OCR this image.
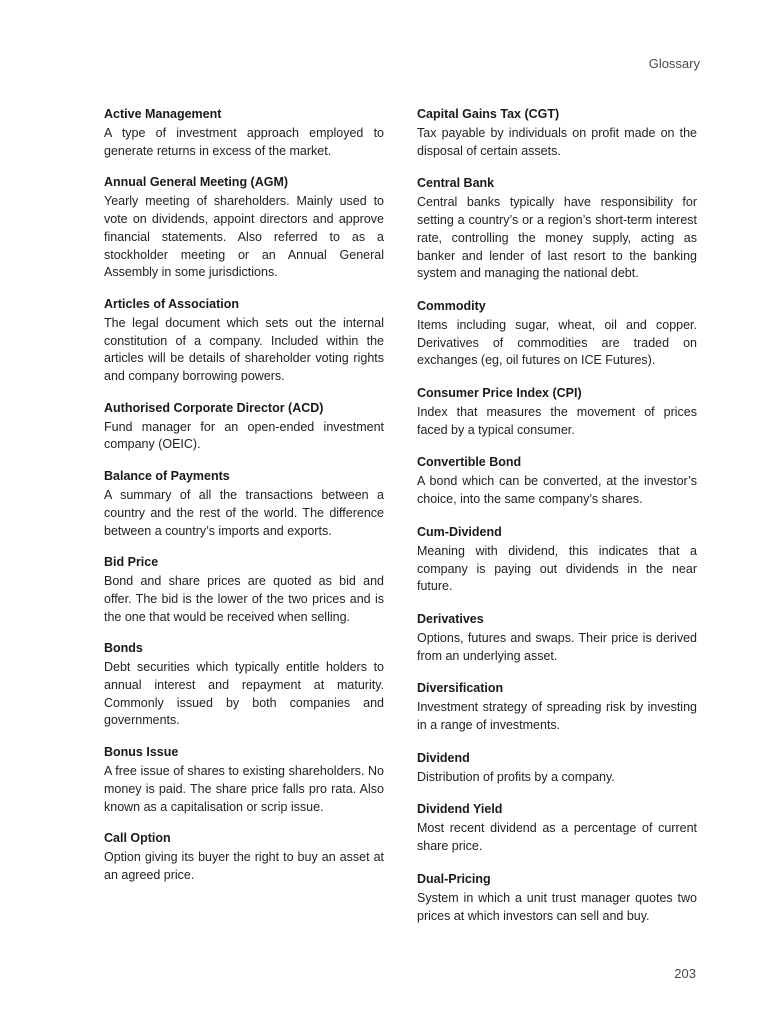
Glossary
Active Management
A type of investment approach employed to generate returns in excess of the market.
Annual General Meeting (AGM)
Yearly meeting of shareholders. Mainly used to vote on dividends, appoint directors and approve financial statements. Also referred to as a stockholder meeting or an Annual General Assembly in some jurisdictions.
Articles of Association
The legal document which sets out the internal constitution of a company. Included within the articles will be details of shareholder voting rights and company borrowing powers.
Authorised Corporate Director (ACD)
Fund manager for an open-ended investment company (OEIC).
Balance of Payments
A summary of all the transactions between a country and the rest of the world. The difference between a country’s imports and exports.
Bid Price
Bond and share prices are quoted as bid and offer. The bid is the lower of the two prices and is the one that would be received when selling.
Bonds
Debt securities which typically entitle holders to annual interest and repayment at maturity. Commonly issued by both companies and governments.
Bonus Issue
A free issue of shares to existing shareholders. No money is paid. The share price falls pro rata. Also known as a capitalisation or scrip issue.
Call Option
Option giving its buyer the right to buy an asset at an agreed price.
Capital Gains Tax (CGT)
Tax payable by individuals on profit made on the disposal of certain assets.
Central Bank
Central banks typically have responsibility for setting a country’s or a region’s short-term interest rate, controlling the money supply, acting as banker and lender of last resort to the banking system and managing the national debt.
Commodity
Items including sugar, wheat, oil and copper. Derivatives of commodities are traded on exchanges (eg, oil futures on ICE Futures).
Consumer Price Index (CPI)
Index that measures the movement of prices faced by a typical consumer.
Convertible Bond
A bond which can be converted, at the investor’s choice, into the same company’s shares.
Cum-Dividend
Meaning with dividend, this indicates that a company is paying out dividends in the near future.
Derivatives
Options, futures and swaps. Their price is derived from an underlying asset.
Diversification
Investment strategy of spreading risk by investing in a range of investments.
Dividend
Distribution of profits by a company.
Dividend Yield
Most recent dividend as a percentage of current share price.
Dual-Pricing
System in which a unit trust manager quotes two prices at which investors can sell and buy.
203
